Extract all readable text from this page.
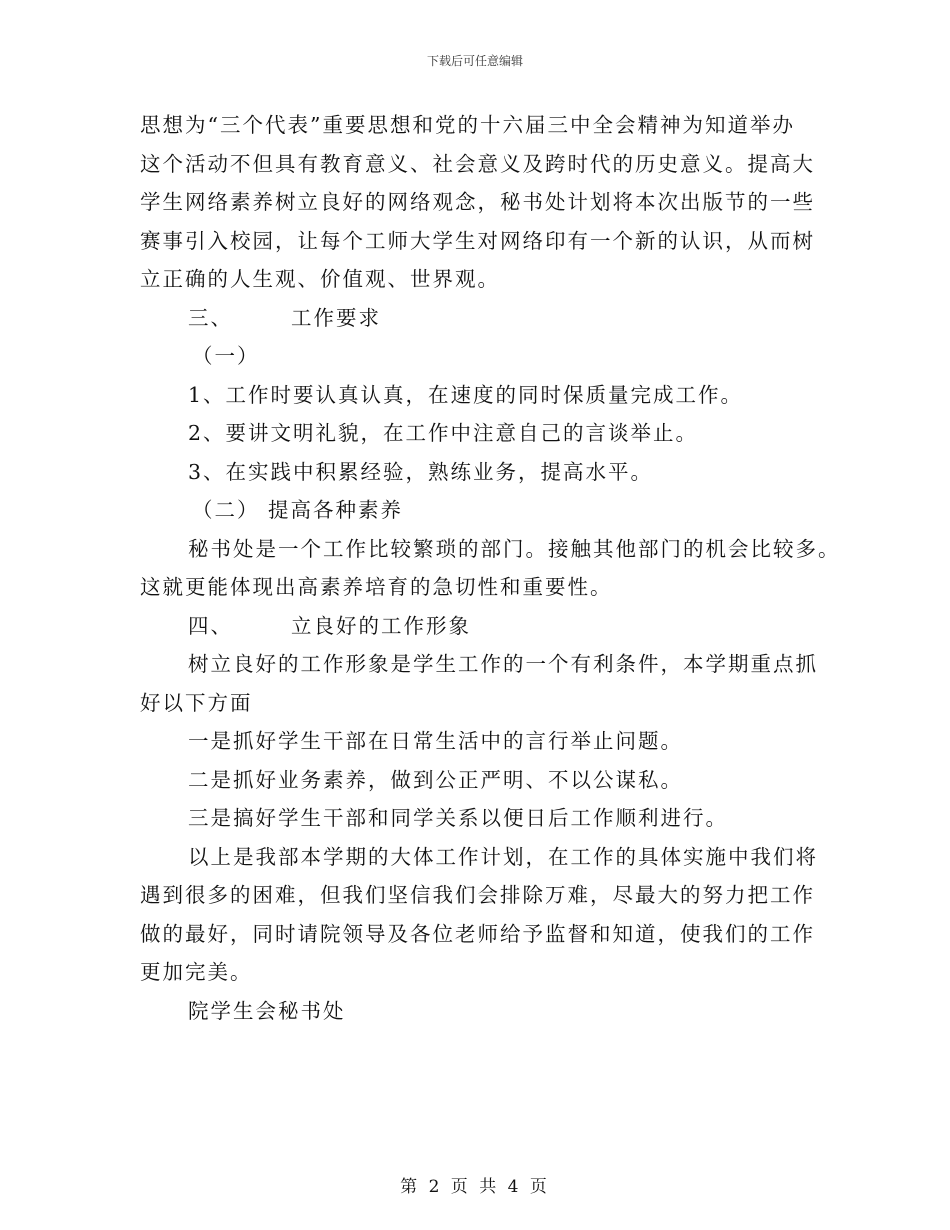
下载后可任意编辑
思想为“三个代表”重要思想和党的十六届三中全会精神为知道举办
这个活动不但具有教育意义、社会意义及跨时代的历史意义。提高大
学生网络素养树立良好的网络观念，秘书处计划将本次出版节的一些
赛事引入校园，让每个工师大学生对网络印有一个新的认识，从而树
立正确的人生观、价值观、世界观。
三、	工作要求
（一）
1、工作时要认真认真，在速度的同时保质量完成工作。
2、要讲文明礼貌，在工作中注意自己的言谈举止。
3、在实践中积累经验，熟练业务，提高水平。
（二） 提高各种素养
秘书处是一个工作比较繁琐的部门。接触其他部门的机会比较多。
这就更能体现出高素养培育的急切性和重要性。
四、	立良好的工作形象
树立良好的工作形象是学生工作的一个有利条件，本学期重点抓
好以下方面
一是抓好学生干部在日常生活中的言行举止问题。
二是抓好业务素养，做到公正严明、不以公谋私。
三是搞好学生干部和同学关系以便日后工作顺利进行。
以上是我部本学期的大体工作计划，在工作的具体实施中我们将
遇到很多的困难，但我们坚信我们会排除万难，尽最大的努力把工作
做的最好，同时请院领导及各位老师给予监督和知道，使我们的工作
更加完美。
院学生会秘书处
第 2 页 共 4 页
